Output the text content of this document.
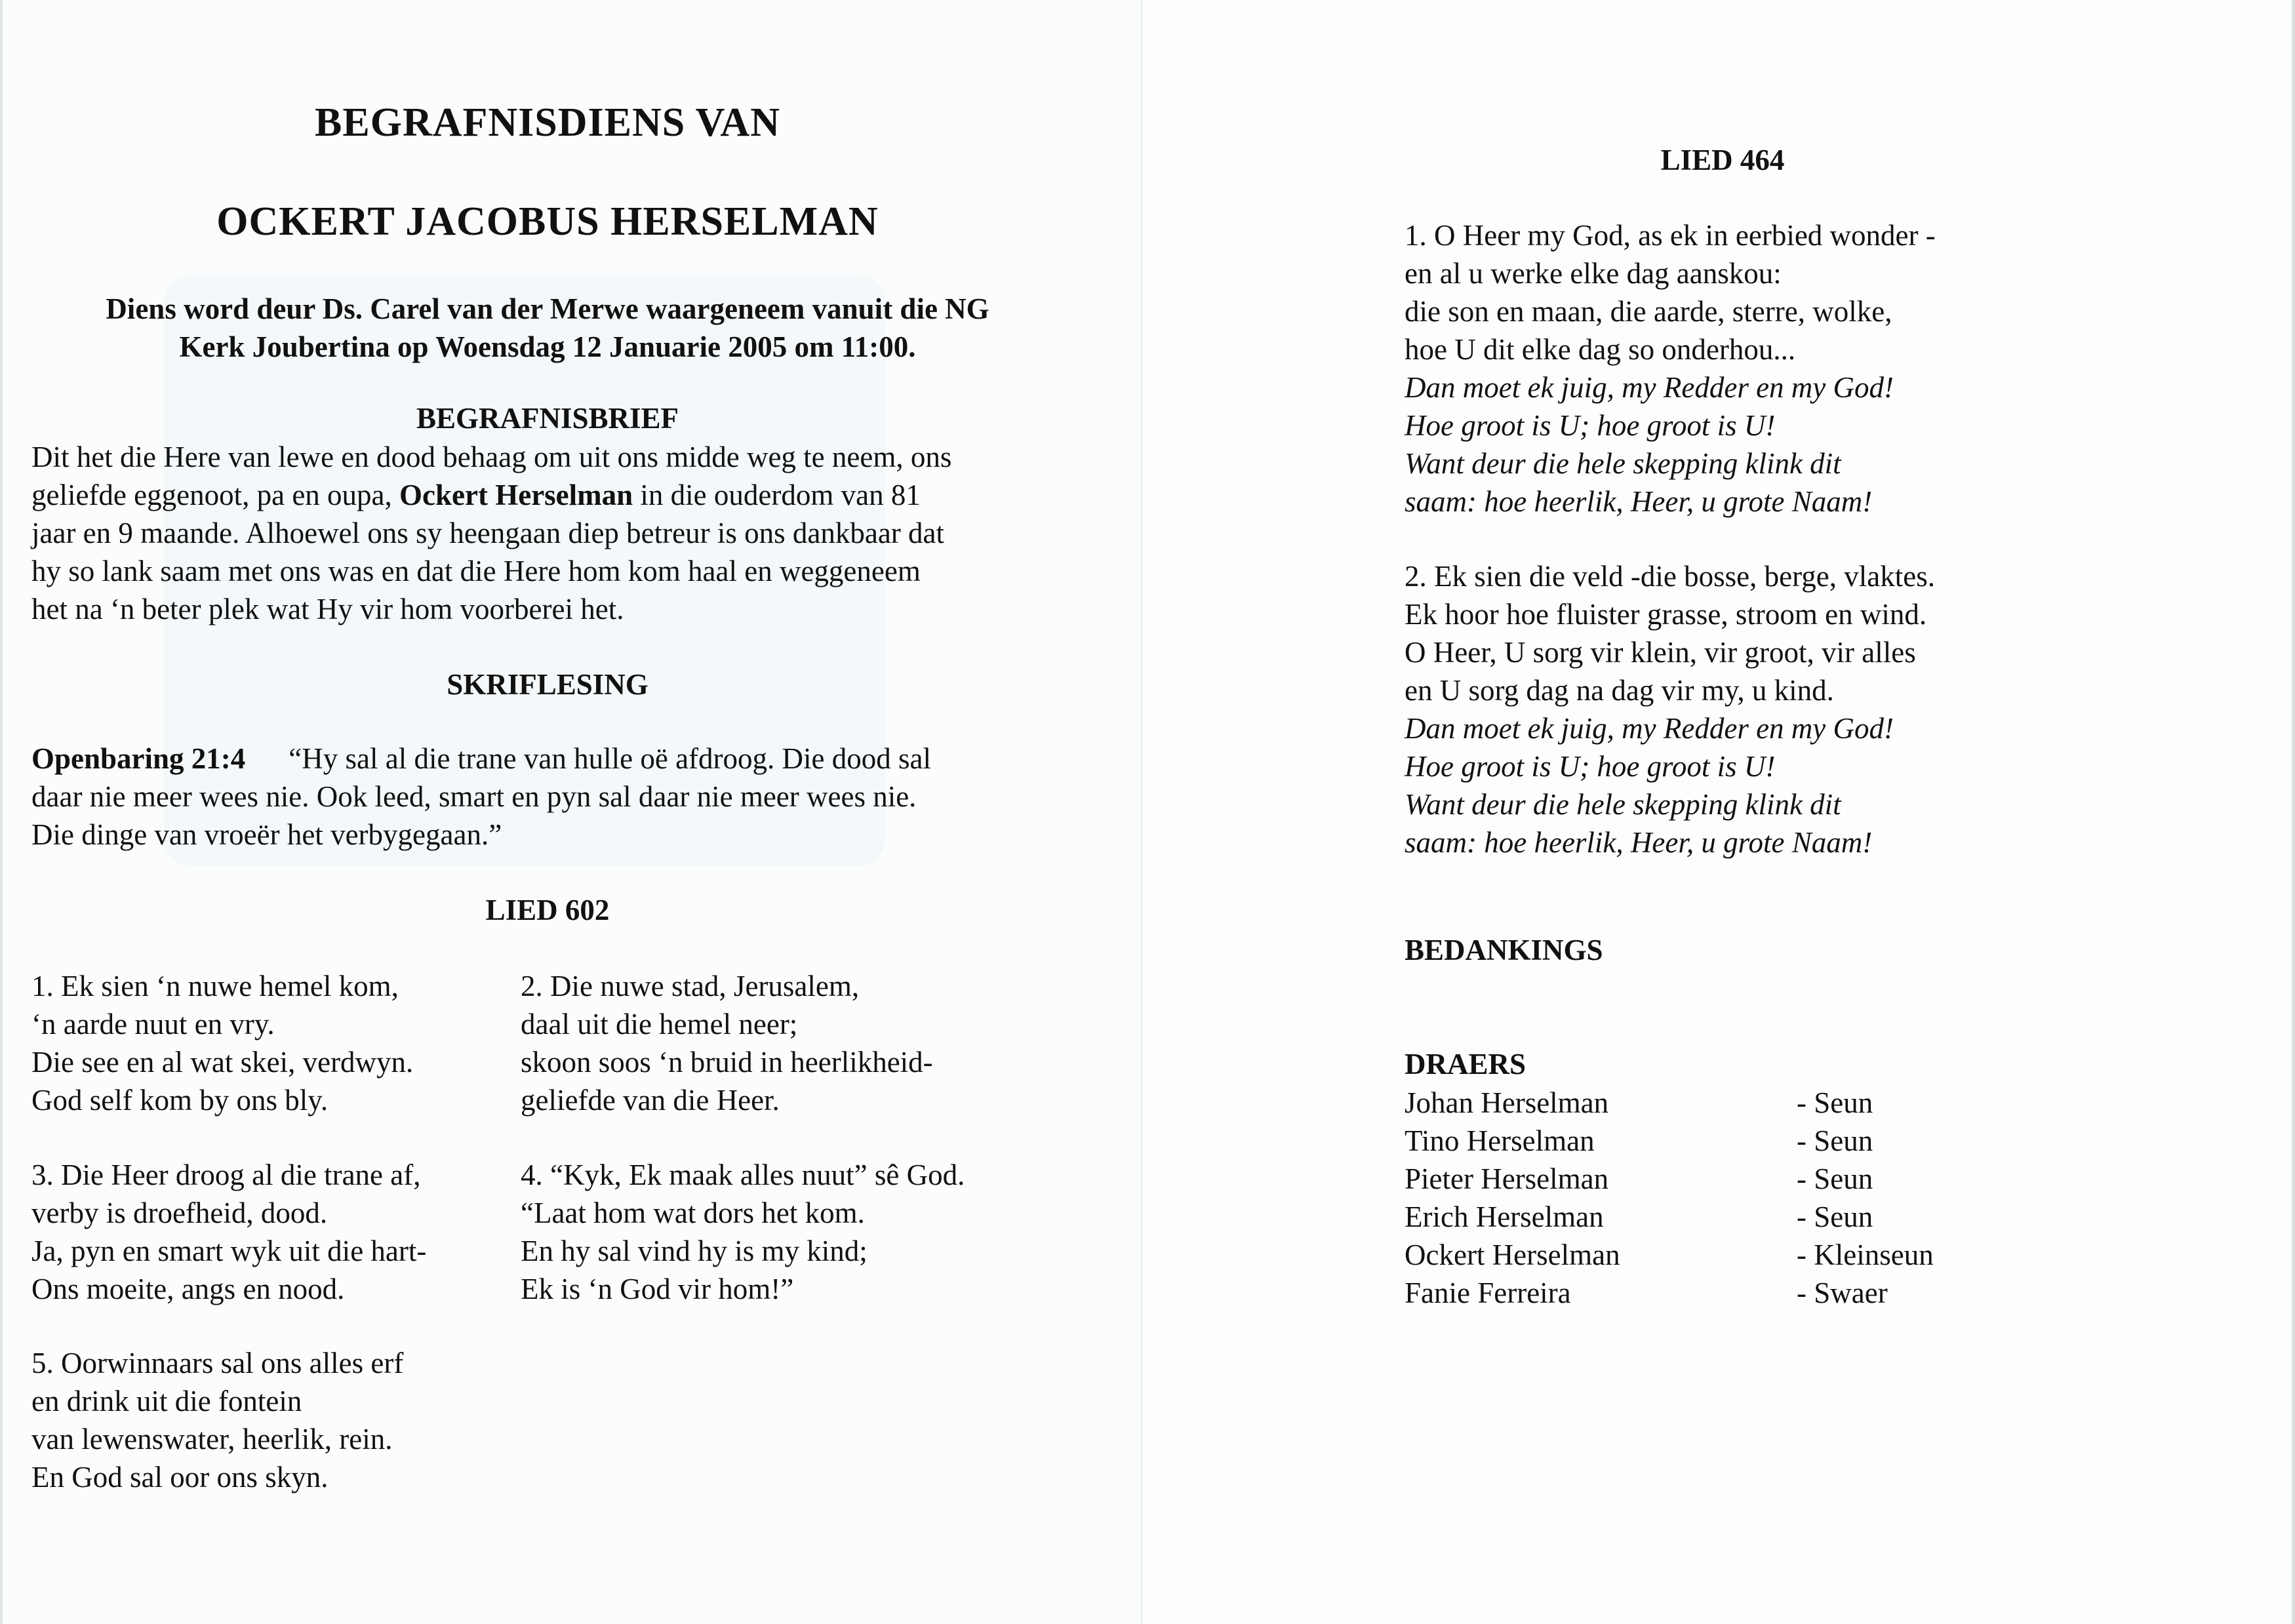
BEGRAFNISDIENS VAN
OCKERT JACOBUS HERSELMAN
Diens word deur Ds. Carel van der Merwe waargeneem vanuit die NG
Kerk Joubertina op Woensdag 12 Januarie 2005 om 11:00.
BEGRAFNISBRIEF
Dit het die Here van lewe en dood behaag om uit ons midde weg te neem, ons
geliefde eggenoot, pa en oupa, Ockert Herselman in die ouderdom van 81
jaar en 9 maande. Alhoewel ons sy heengaan diep betreur is ons dankbaar dat
hy so lank saam met ons was en dat die Here hom kom haal en weggeneem
het na ‘n beter plek wat Hy vir hom voorberei het.
SKRIFLESING
Openbaring 21:4 “Hy sal al die trane van hulle oë afdroog. Die dood sal
daar nie meer wees nie. Ook leed, smart en pyn sal daar nie meer wees nie.
Die dinge van vroeër het verbygegaan.”
LIED 602
1. Ek sien ‘n nuwe hemel kom,
‘n aarde nuut en vry.
Die see en al wat skei, verdwyn.
God self kom by ons bly.
2. Die nuwe stad, Jerusalem,
daal uit die hemel neer;
skoon soos ‘n bruid in heerlikheid-
geliefde van die Heer.
3. Die Heer droog al die trane af,
verby is droefheid, dood.
Ja, pyn en smart wyk uit die hart-
Ons moeite, angs en nood.
4. “Kyk, Ek maak alles nuut” sê God.
“Laat hom wat dors het kom.
En hy sal vind hy is my kind;
Ek is ‘n God vir hom!”
5. Oorwinnaars sal ons alles erf
en drink uit die fontein
van lewenswater, heerlik, rein.
En God sal oor ons skyn.
LIED 464
1. O Heer my God, as ek in eerbied wonder -
en al u werke elke dag aanskou:
die son en maan, die aarde, sterre, wolke,
hoe U dit elke dag so onderhou...
Dan moet ek juig, my Redder en my God!
Hoe groot is U; hoe groot is U!
Want deur die hele skepping klink dit
saam: hoe heerlik, Heer, u grote Naam!
2. Ek sien die veld -die bosse, berge, vlaktes.
Ek hoor hoe fluister grasse, stroom en wind.
O Heer, U sorg vir klein, vir groot, vir alles
en U sorg dag na dag vir my, u kind.
Dan moet ek juig, my Redder en my God!
Hoe groot is U; hoe groot is U!
Want deur die hele skepping klink dit
saam: hoe heerlik, Heer, u grote Naam!
BEDANKINGS
DRAERS
Johan Herselman	- Seun
Tino Herselman	- Seun
Pieter Herselman	- Seun
Erich Herselman	- Seun
Ockert Herselman	- Kleinseun
Fanie Ferreira	- Swaer
